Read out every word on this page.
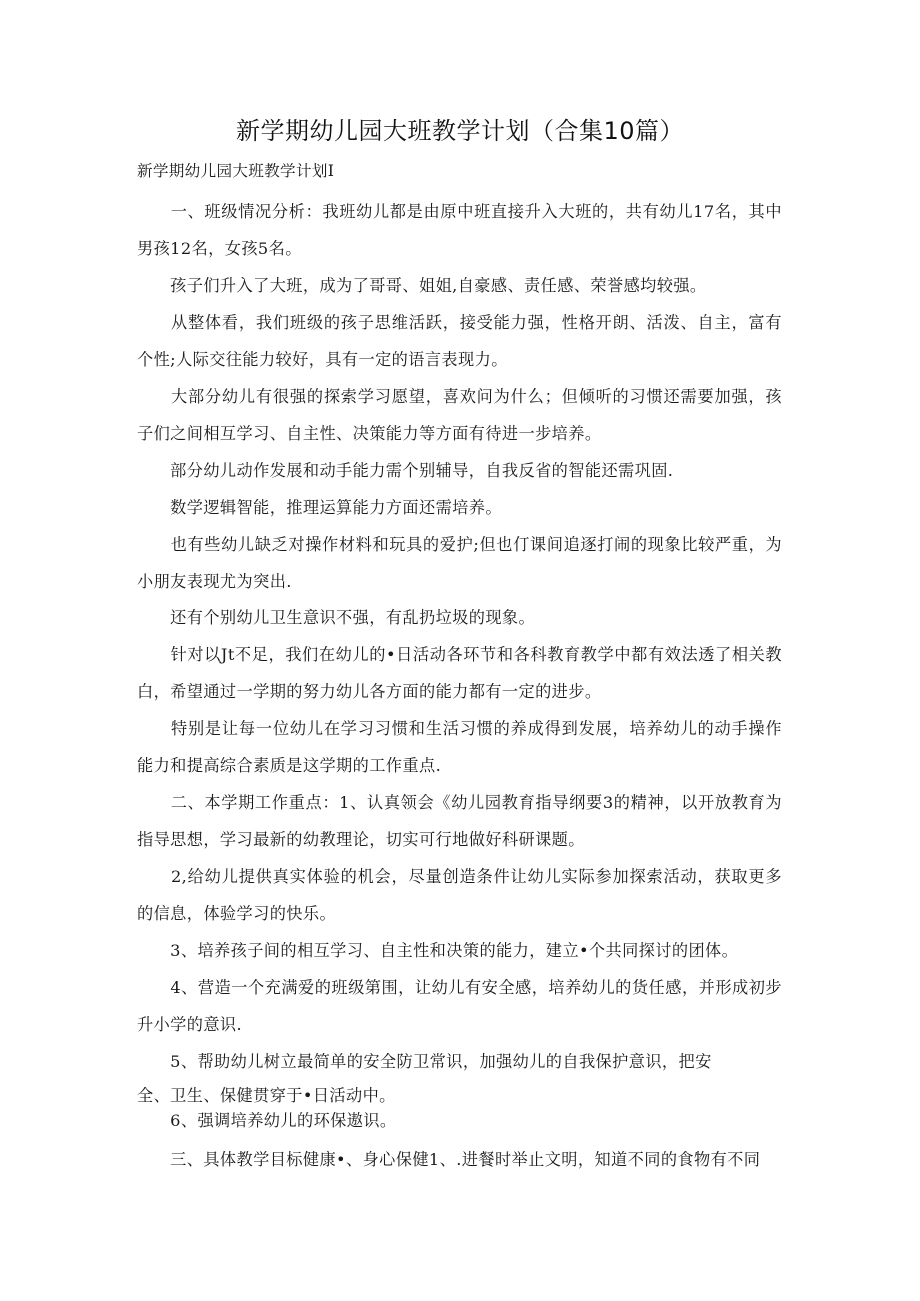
新学期幼儿园大班教学计划（合集10篇）
新学期幼儿园大班教学计划I
　　一、班级情况分析：我班幼儿都是由原中班直接升入大班的，共有幼儿17名，其中男孩12名，女孩5名。
　　孩子们升入了大班，成为了哥哥、姐姐,自豪感、责任感、荣誉感均较强。
　　从整体看，我们班级的孩子思维活跃，接受能力强，性格开朗、活泼、自主，富有个性;人际交往能力较好，具有一定的语言表现力。
　　大部分幼儿有很强的探索学习愿望，喜欢问为什么；但倾听的习惯还需要加强，孩子们之间相互学习、自主性、决策能力等方面有待进一步培养。
　　部分幼儿动作发展和动手能力需个别辅导，自我反省的智能还需巩固.
　　数学逻辑智能，推理运算能力方面还需培养。
　　也有些幼儿缺乏对操作材料和玩具的爱护;但也仃课间追逐打闹的现象比较严重，为小朋友表现尤为突出.
　　还有个别幼儿卫生意识不强，有乱扔垃圾的现象。
　　针对以Jt不足，我们在幼儿的•日活动各环节和各科教育教学中都有效法透了相关教白，希望通过一学期的努力幼儿各方面的能力都有一定的进步。
　　特别是让每一位幼儿在学习习惯和生活习惯的养成得到发展，培养幼儿的动手操作能力和提高综合素质是这学期的工作重点.
　　二、本学期工作重点：1、认真领会《幼儿园教育指导纲要3的精神，以开放教育为指导思想，学习最新的幼教理论，切实可行地做好科研课题。
　　2,给幼儿提供真实体验的机会，尽量创造条件让幼儿实际参加探索活动，获取更多的信息，体验学习的快乐。
　　3、培养孩子间的相互学习、自主性和决策的能力，建立•个共同探讨的团体。
　　4、营造一个充满爱的班级第围，让幼儿有安全感，培养幼儿的货任感，并形成初步升小学的意识.
　　5、帮助幼儿树立最简单的安全防卫常识，加强幼儿的自我保护意识，把安
全、卫生、保健贯穿于•日活动中。
　　6、强调培养幼儿的环保遨识。
　　三、具体教学目标健康•、身心保健1、.进餐时举止文明，知道不同的食物有不同
